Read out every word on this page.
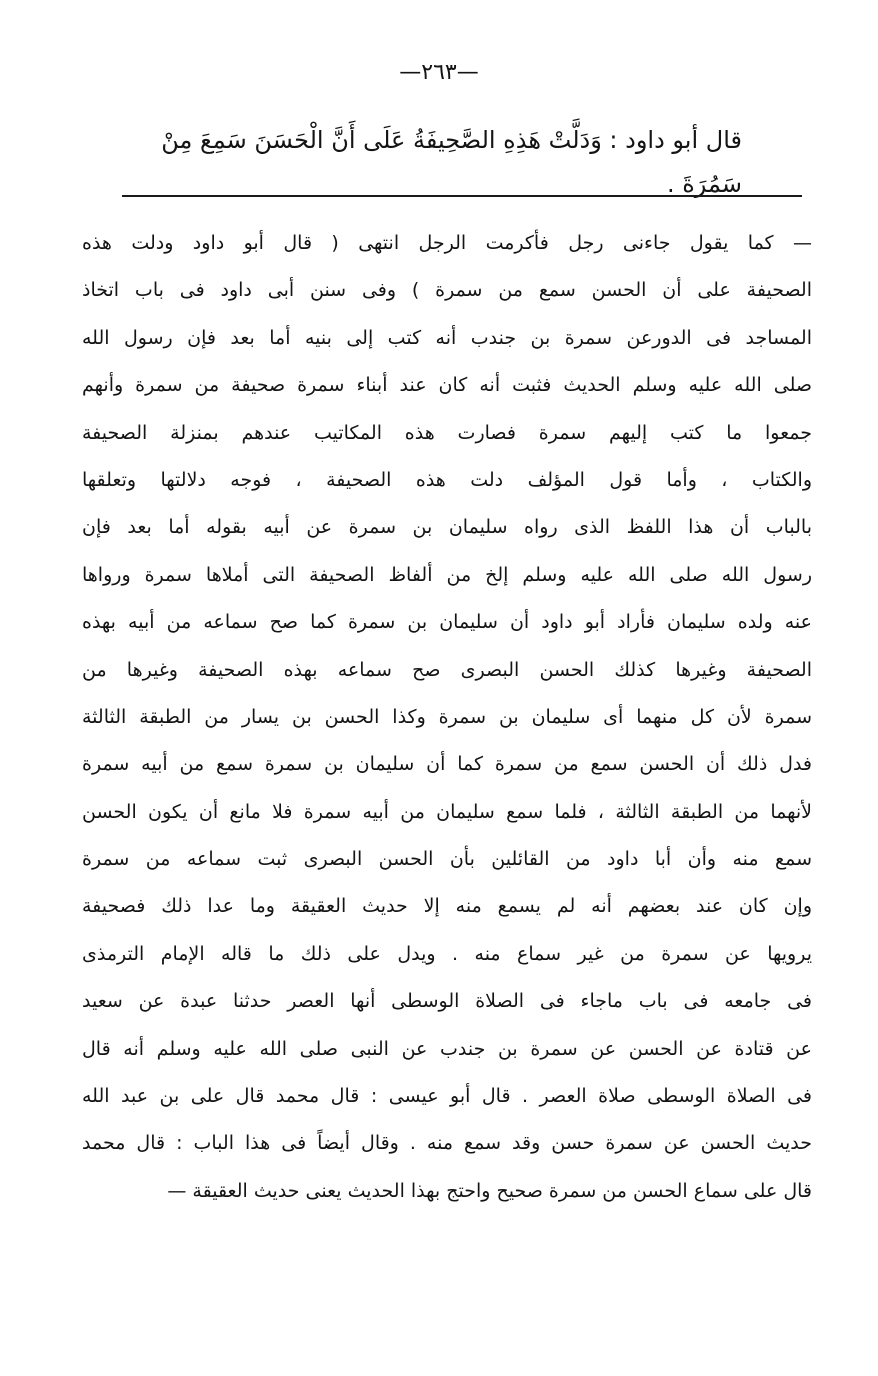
—٢٦٣—
قال أبو داود : وَدَلَّتْ هَذِهِ الصَّحِيفَةُ عَلَى أَنَّ الْحَسَنَ سَمِعَ مِنْ سَمُرَةَ .
— كما يقول جاءنى رجل فأكرمت الرجل انتهى ( قال أبو داود ودلت هذه
الصحيفة على أن الحسن سمع من سمرة ) وفى سنن أبى داود فى باب اتخاذ
المساجد فى الدورعن سمرة بن جندب أنه كتب إلى بنيه أما بعد فإن رسول الله
صلى الله عليه وسلم الحديث فثبت أنه كان عند أبناء سمرة صحيفة من سمرة وأنهم
جمعوا ما كتب إليهم سمرة فصارت هذه المكاتيب عندهم بمنزلة الصحيفة
والكتاب ، وأما قول المؤلف دلت هذه الصحيفة ، فوجه دلالتها وتعلقها
بالباب أن هذا اللفظ الذى رواه سليمان بن سمرة عن أبيه بقوله أما بعد فإن
رسول الله صلى الله عليه وسلم إلخ من ألفاظ الصحيفة التى أملاها سمرة ورواها
عنه ولده سليمان فأراد أبو داود أن سليمان بن سمرة كما صح سماعه من أبيه بهذه
الصحيفة وغيرها كذلك الحسن البصرى صح سماعه بهذه الصحيفة وغيرها من
سمرة لأن كل منهما أى سليمان بن سمرة وكذا الحسن بن يسار من الطبقة الثالثة
فدل ذلك أن الحسن سمع من سمرة كما أن سليمان بن سمرة سمع من أبيه سمرة
لأنهما من الطبقة الثالثة ، فلما سمع سليمان من أبيه سمرة فلا مانع أن يكون الحسن
سمع منه وأن أبا داود من القائلين بأن الحسن البصرى ثبت سماعه من سمرة
وإن كان عند بعضهم أنه لم يسمع منه إلا حديث العقيقة وما عدا ذلك فصحيفة
يرويها عن سمرة من غير سماع منه . ويدل على ذلك ما قاله الإمام الترمذى
فى جامعه فى باب ماجاء فى الصلاة الوسطى أنها العصر حدثنا عبدة عن سعيد
عن قتادة عن الحسن عن سمرة بن جندب عن النبى صلى الله عليه وسلم أنه قال
فى الصلاة الوسطى صلاة العصر . قال أبو عيسى : قال محمد قال على بن عبد الله
حديث الحسن عن سمرة حسن وقد سمع منه . وقال أيضاً فى هذا الباب : قال محمد
قال على سماع الحسن من سمرة صحيح واحتج بهذا الحديث يعنى حديث العقيقة —
